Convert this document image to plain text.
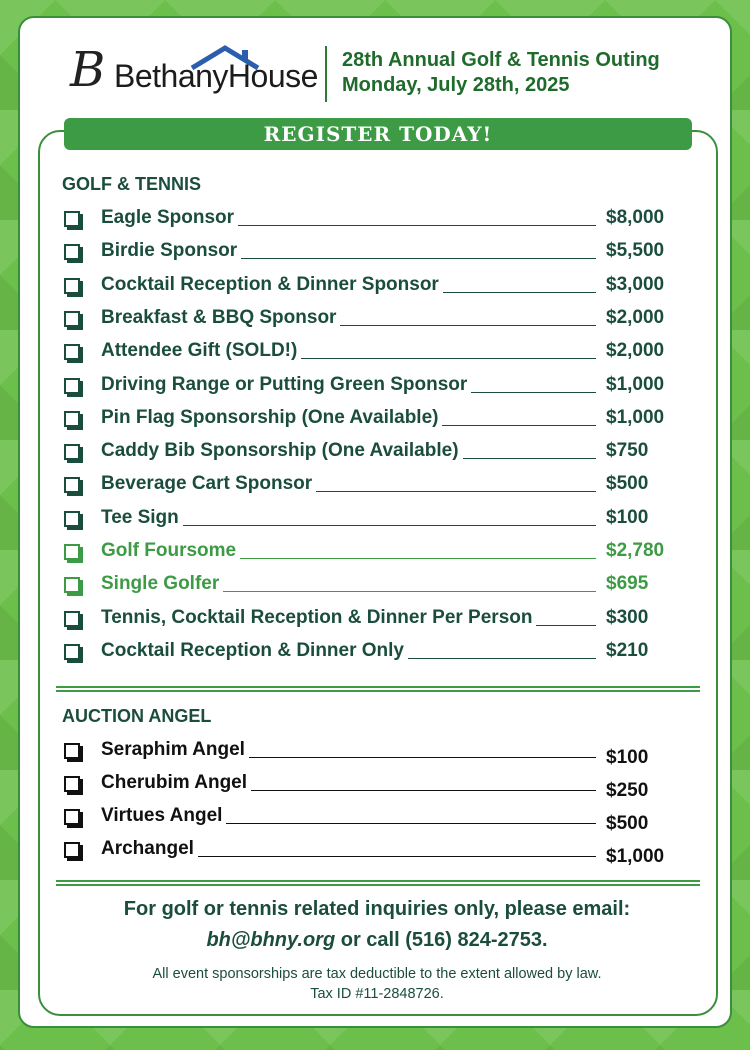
B BethanyHouse 28th Annual Golf & Tennis Outing
Monday, July 28th, 2025
REGISTER TODAY!
GOLF & TENNIS
Eagle Sponsor	$8,000
Birdie Sponsor	$5,500
Cocktail Reception & Dinner Sponsor	$3,000
Breakfast & BBQ Sponsor	$2,000
Attendee Gift (SOLD!)	$2,000
Driving Range or Putting Green Sponsor	$1,000
Pin Flag Sponsorship (One Available)	$1,000
Caddy Bib Sponsorship (One Available)	$750
Beverage Cart Sponsor	$500
Tee Sign	$100
Golf Foursome	$2,780
Single Golfer	$695
Tennis, Cocktail Reception & Dinner Per Person	$300
Cocktail Reception & Dinner Only	$210
AUCTION ANGEL
Seraphim Angel	$100
Cherubim Angel	$250
Virtues Angel	$500
Archangel	$1,000
For golf or tennis related inquiries only, please email:
bh@bhny.org or call (516) 824-2753.
All event sponsorships are tax deductible to the extent allowed by law.
Tax ID #11-2848726.
